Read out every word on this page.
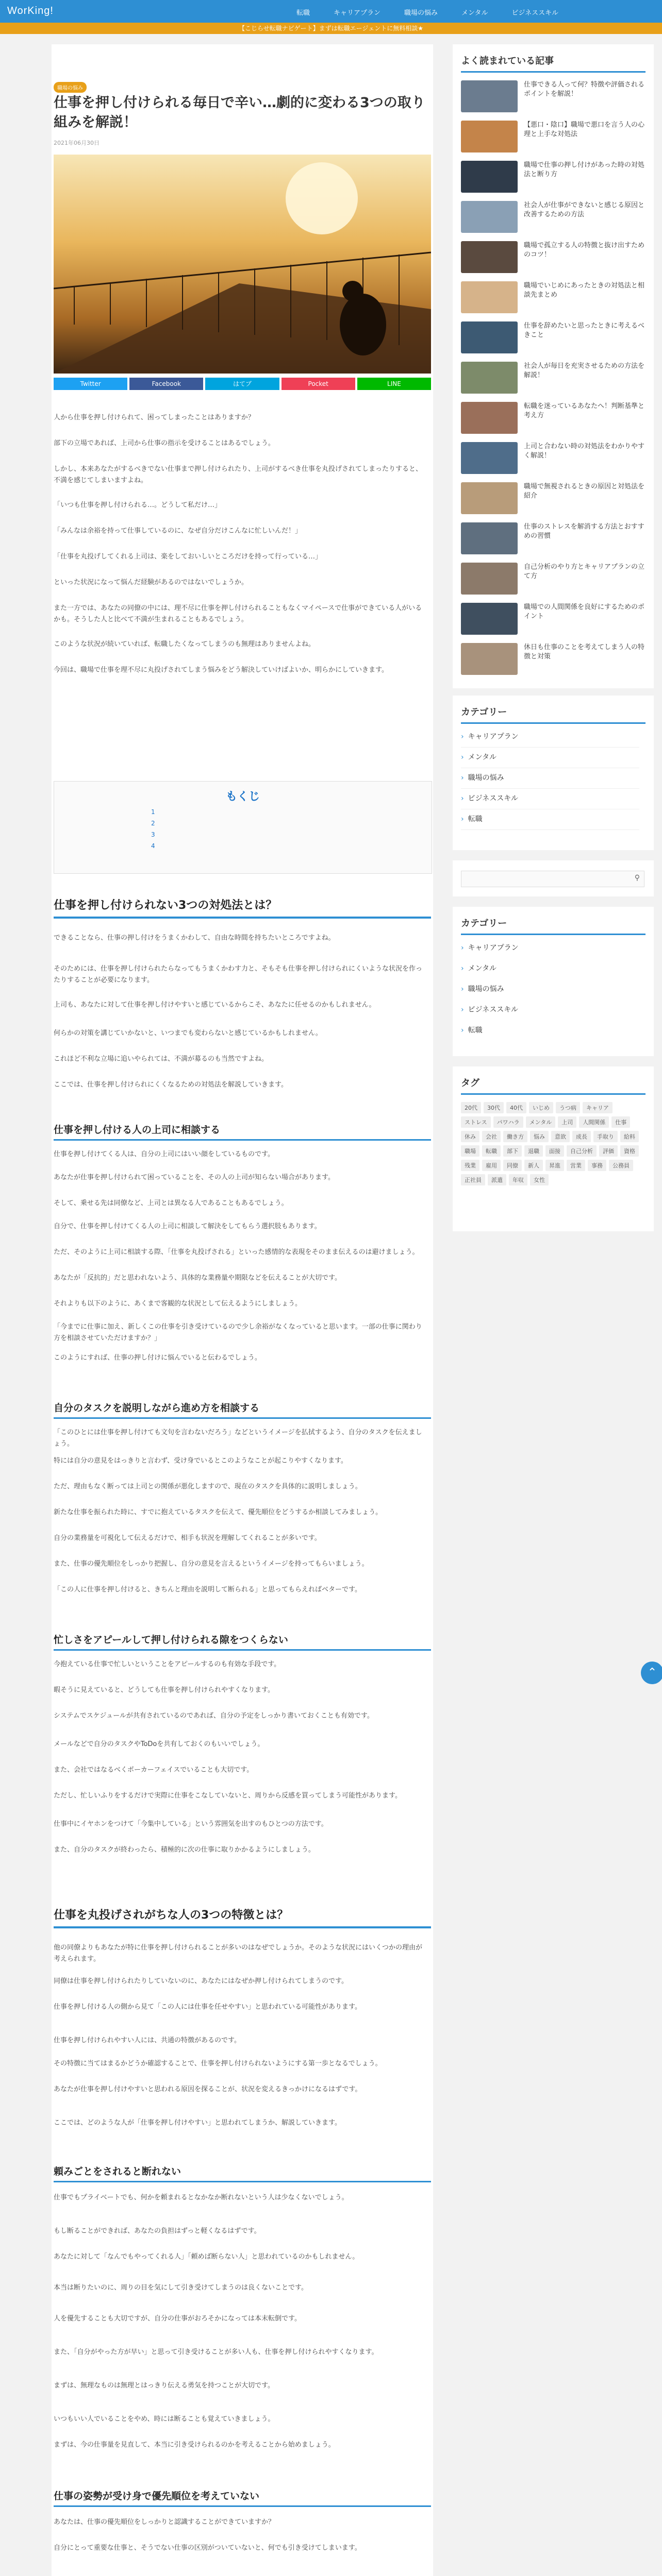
WorKing!	転職	キャリアプラン	職場の悩み	メンタル	ビジネススキル
【こじらせ転職ナビゲート】まずは転職エージェントに無料相談★
職場の悩み
仕事を押し付けられる毎日で辛い…劇的に変わる3つの取り組みを解説！
2021年06月30日
Twitter	Facebook	はてブ	Pocket	LINE
人から仕事を押し付けられて、困ってしまったことはありますか？
部下の立場であれば、上司から仕事の指示を受けることはあるでしょう。
しかし、本来あなたがするべきでない仕事まで押し付けられたり、上司がするべき仕事を丸投げされてしまったりすると、不満を感じてしまいますよね。
「いつも仕事を押し付けられる…。どうして私だけ…」
「みんなは余裕を持って仕事しているのに、なぜ自分だけこんなに忙しいんだ！」
「仕事を丸投げしてくれる上司は、楽をしておいしいところだけを持って行っている…」
といった状況になって悩んだ経験があるのではないでしょうか。
また一方では、あなたの同僚の中には、理不尽に仕事を押し付けられることもなくマイペースで仕事ができている人がいるかも。そうした人と比べて不満が生まれることもあるでしょう。
このような状況が続いていれば、転職したくなってしまうのも無理はありませんよね。
今回は、職場で仕事を理不尽に丸投げされてしまう悩みをどう解決していけばよいか、明らかにしていきます。
もくじ
1
2
3
4
仕事を押し付けられない3つの対処法とは？
できることなら、仕事の押し付けをうまくかわして、自由な時間を持ちたいところですよね。
そのためには、仕事を押し付けられたらなってもうまくかわす力と、そもそも仕事を押し付けられにくいような状況を作ったりすることが必要になります。
上司も、あなたに対して仕事を押し付けやすいと感じているからこそ、あなたに任せるのかもしれません。
何らかの対策を講じていかないと、いつまでも変わらないと感じているかもしれません。
これほど不利な立場に追いやられては、不満が募るのも当然ですよね。
ここでは、仕事を押し付けられにくくなるための対処法を解説していきます。
仕事を押し付ける人の上司に相談する
仕事を押し付けてくる人は、自分の上司にはいい顔をしているものです。
あなたが仕事を押し付けられて困っていることを、その人の上司が知らない場合があります。
そして、乗せる先は同僚など、上司とは異なる人であることもあるでしょう。
自分で、仕事を押し付けてくる人の上司に相談して解決をしてもらう選択肢もあります。
ただ、そのように上司に相談する際、「仕事を丸投げされる」といった感情的な表現をそのまま伝えるのは避けましょう。
あなたが「反抗的」だと思われないよう、具体的な業務量や期限などを伝えることが大切です。
それよりも以下のように、あくまで客観的な状況として伝えるようにしましょう。
「今までに仕事に加え、新しくこの仕事を引き受けているので少し余裕がなくなっていると思います。一部の仕事に関わり方を相談させていただけますか？」
このようにすれば、仕事の押し付けに悩んでいると伝わるでしょう。
自分のタスクを説明しながら進め方を相談する
「このひとには仕事を押し付けても文句を言わないだろう」などというイメージを払拭するよう、自分のタスクを伝えましょう。
特には自分の意見をはっきりと言わず、受け身でいるとこのようなことが起こりやすくなります。
ただ、理由もなく断っては上司との関係が悪化しますので、現在のタスクを具体的に説明しましょう。
新たな仕事を振られた時に、すでに抱えているタスクを伝えて、優先順位をどうするか相談してみましょう。
自分の業務量を可視化して伝えるだけで、相手も状況を理解してくれることが多いです。
また、仕事の優先順位をしっかり把握し、自分の意見を言えるというイメージを持ってもらいましょう。
「この人に仕事を押し付けると、きちんと理由を説明して断られる」と思ってもらえればベターです。
忙しさをアピールして押し付けられる隙をつくらない
今抱えている仕事で忙しいということをアピールするのも有効な手段です。
暇そうに見えていると、どうしても仕事を押し付けられやすくなります。
システムでスケジュールが共有されているのであれば、自分の予定をしっかり書いておくことも有効です。
メールなどで自分のタスクやToDoを共有しておくのもいいでしょう。
また、会社ではなるべくポーカーフェイスでいることも大切です。
ただし、忙しいふりをするだけで実際に仕事をこなしていないと、周りから反感を買ってしまう可能性があります。
仕事中にイヤホンをつけて「今集中している」という雰囲気を出すのもひとつの方法です。
また、自分のタスクが終わったら、積極的に次の仕事に取りかかるようにしましょう。
仕事を丸投げされがちな人の3つの特徴とは？
他の同僚よりもあなたが特に仕事を押し付けられることが多いのはなぜでしょうか。そのような状況にはいくつかの理由が考えられます。
同僚は仕事を押し付けられたりしていないのに、あなたにはなぜか押し付けられてしまうのです。
仕事を押し付ける人の側から見て「この人には仕事を任せやすい」と思われている可能性があります。
仕事を押し付けられやすい人には、共通の特徴があるのです。
その特徴に当てはまるかどうか確認することで、仕事を押し付けられないようにする第一歩となるでしょう。
あなたが仕事を押し付けやすいと思われる原因を探ることが、状況を変えるきっかけになるはずです。
ここでは、どのような人が「仕事を押し付けやすい」と思われてしまうか、解説していきます。
頼みごとをされると断れない
仕事でもプライベートでも、何かを頼まれるとなかなか断れないという人は少なくないでしょう。
もし断ることができれば、あなたの負担はずっと軽くなるはずです。
あなたに対して「なんでもやってくれる人」「頼めば断らない人」と思われているのかもしれません。
本当は断りたいのに、周りの目を気にして引き受けてしまうのは良くないことです。
人を優先することも大切ですが、自分の仕事がおろそかになっては本末転倒です。
また、「自分がやった方が早い」と思って引き受けることが多い人も、仕事を押し付けられやすくなります。
まずは、無理なものは無理とはっきり伝える勇気を持つことが大切です。
いつもいい人でいることをやめ、時には断ることも覚えていきましょう。
まずは、今の仕事量を見直して、本当に引き受けられるのかを考えることから始めましょう。
仕事の姿勢が受け身で優先順位を考えていない
あなたは、仕事の優先順位をしっかりと認識することができていますか？
自分にとって重要な仕事と、そうでない仕事の区別がついていないと、何でも引き受けてしまいます。
よく読まれている記事
仕事できる人って何？特徴や評価されるポイントを解説！
【悪口・陰口】職場で悪口を言う人の心理と上手な対処法
職場で仕事の押し付けがあった時の対処法と断り方
社会人が仕事ができないと感じる原因と改善するための方法
職場で孤立する人の特徴と抜け出すためのコツ！
職場でいじめにあったときの対処法と相談先まとめ
仕事を辞めたいと思ったときに考えるべきこと
社会人が毎日を充実させるための方法を解説！
転職を迷っているあなたへ！判断基準と考え方
上司と合わない時の対処法をわかりやすく解説！
職場で無視されるときの原因と対処法を紹介
仕事のストレスを解消する方法とおすすめの習慣
自己分析のやり方とキャリアプランの立て方
職場での人間関係を良好にするためのポイント
休日も仕事のことを考えてしまう人の特徴と対策
カテゴリー
› キャリアプラン
› メンタル
› 職場の悩み
› ビジネススキル
› 転職
⚲
カテゴリー
› キャリアプラン
› メンタル
› 職場の悩み
› ビジネススキル
› 転職
タグ
20代 30代 40代 いじめ うつ病 キャリアストレス パワハラ メンタル 上司 人間関係 仕事休み 会社 働き方 悩み 意欲 成長 手取り 給料職場 転職 部下 退職 面接 自己分析 評価 資格残業 雇用 同僚 新人 昇進 営業 事務 公務員正社員 派遣 年収 女性
⌃
